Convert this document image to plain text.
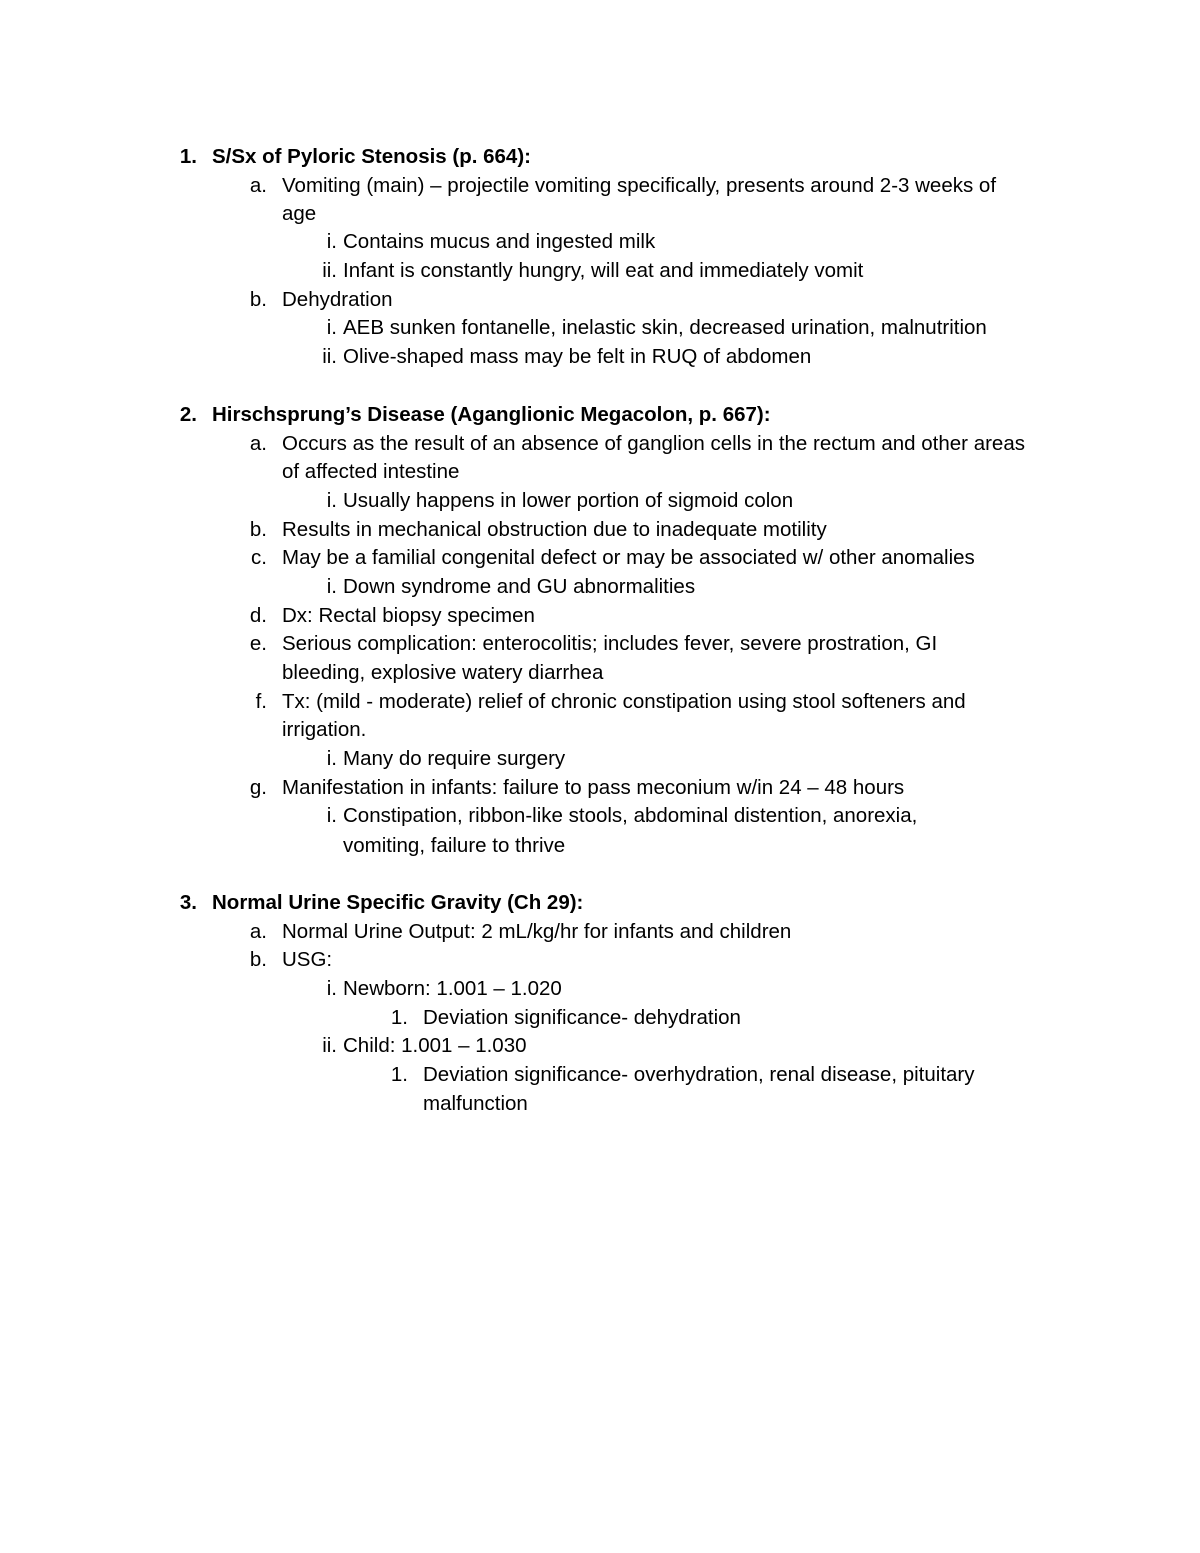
1. S/Sx of Pyloric Stenosis (p. 664):
a. Vomiting (main) – projectile vomiting specifically, presents around 2-3 weeks of
age
i. Contains mucus and ingested milk
ii. Infant is constantly hungry, will eat and immediately vomit
b. Dehydration
i. AEB sunken fontanelle, inelastic skin, decreased urination, malnutrition
ii. Olive-shaped mass may be felt in RUQ of abdomen
2. Hirschsprung’s Disease (Aganglionic Megacolon, p. 667):
a. Occurs as the result of an absence of ganglion cells in the rectum and other areas
of affected intestine
i. Usually happens in lower portion of sigmoid colon
b. Results in mechanical obstruction due to inadequate motility
c. May be a familial congenital defect or may be associated w/ other anomalies
i. Down syndrome and GU abnormalities
d. Dx: Rectal biopsy specimen
e. Serious complication: enterocolitis; includes fever, severe prostration, GI
bleeding, explosive watery diarrhea
f. Tx: (mild - moderate) relief of chronic constipation using stool softeners and
irrigation.
i. Many do require surgery
g. Manifestation in infants: failure to pass meconium w/in 24 – 48 hours
i. Constipation, ribbon-like stools, abdominal distention, anorexia,
vomiting, failure to thrive
3. Normal Urine Specific Gravity (Ch 29):
a. Normal Urine Output: 2 mL/kg/hr for infants and children
b. USG:
i. Newborn: 1.001 – 1.020
1. Deviation significance- dehydration
ii. Child: 1.001 – 1.030
1. Deviation significance- overhydration, renal disease, pituitary
malfunction
